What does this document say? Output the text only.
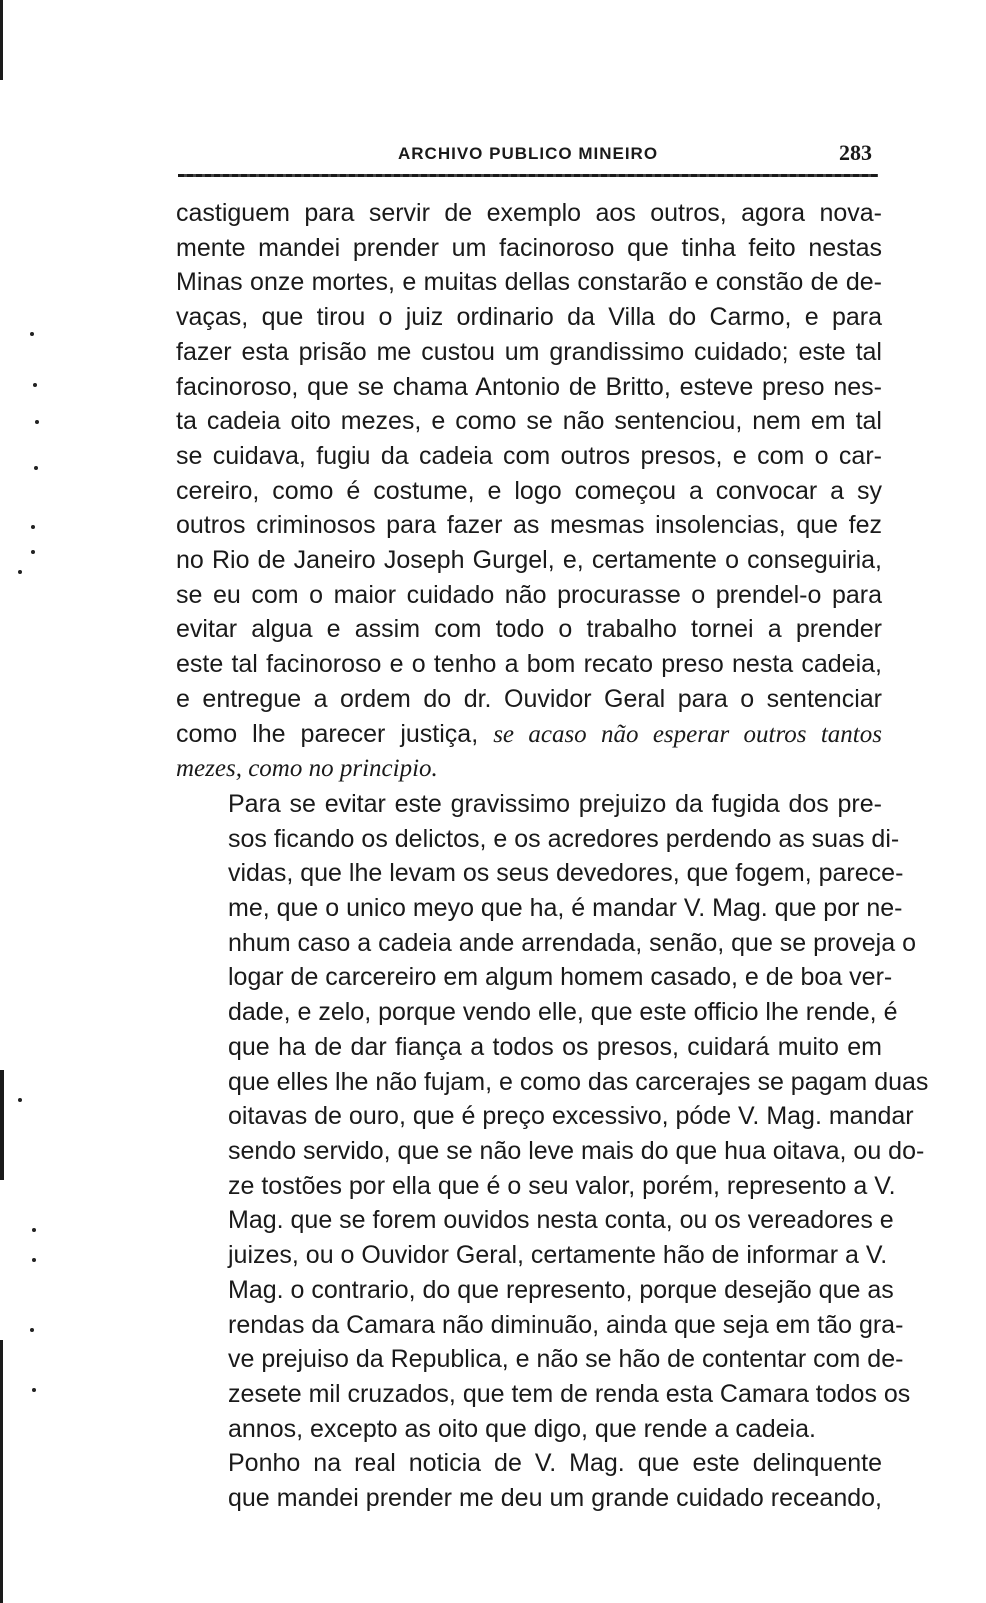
ARCHIVO PUBLICO MINEIRO	283
castiguem para servir de exemplo aos outros, agora nova-
mente mandei prender um facinoroso que tinha feito nestas
Minas onze mortes, e muitas dellas constarão e constão de de-
vaças, que tirou o juiz ordinario da Villa do Carmo, e para
fazer esta prisão me custou um grandissimo cuidado; este tal
facinoroso, que se chama Antonio de Britto, esteve preso nes-
ta cadeia oito mezes, e como se não sentenciou, nem em tal
se cuidava, fugiu da cadeia com outros presos, e com o car-
cereiro, como é costume, e logo começou a convocar a sy
outros criminosos para fazer as mesmas insolencias, que fez
no Rio de Janeiro Joseph Gurgel, e, certamente o conseguiria,
se eu com o maior cuidado não procurasse o prendel-o para
evitar algua e assim com todo o trabalho tornei a prender
este tal facinoroso e o tenho a bom recato preso nesta cadeia,
e entregue a ordem do dr. Ouvidor Geral para o sentenciar
como lhe parecer justiça, se acaso não esperar outros tantos
mezes, como no principio.
Para se evitar este gravissimo prejuizo da fugida dos pre-
sos ficando os delictos, e os acredores perdendo as suas di-
vidas, que lhe levam os seus devedores, que fogem, parece-
me, que o unico meyo que ha, é mandar V. Mag. que por ne-
nhum caso a cadeia ande arrendada, senão, que se proveja o
logar de carcereiro em algum homem casado, e de boa ver-
dade, e zelo, porque vendo elle, que este officio lhe rende, é
que ha de dar fiança a todos os presos, cuidará muito em
que elles lhe não fujam, e como das carcerajes se pagam duas
oitavas de ouro, que é preço excessivo, póde V. Mag. mandar
sendo servido, que se não leve mais do que hua oitava, ou do-
ze tostões por ella que é o seu valor, porém, represento a V.
Mag. que se forem ouvidos nesta conta, ou os vereadores e
juizes, ou o Ouvidor Geral, certamente hão de informar a V.
Mag. o contrario, do que represento, porque desejão que as
rendas da Camara não diminuão, ainda que seja em tão gra-
ve prejuiso da Republica, e não se hão de contentar com de-
zesete mil cruzados, que tem de renda esta Camara todos os
annos, excepto as oito que digo, que rende a cadeia.
Ponho na real noticia de V. Mag. que este delinquente
que mandei prender me deu um grande cuidado receando,
